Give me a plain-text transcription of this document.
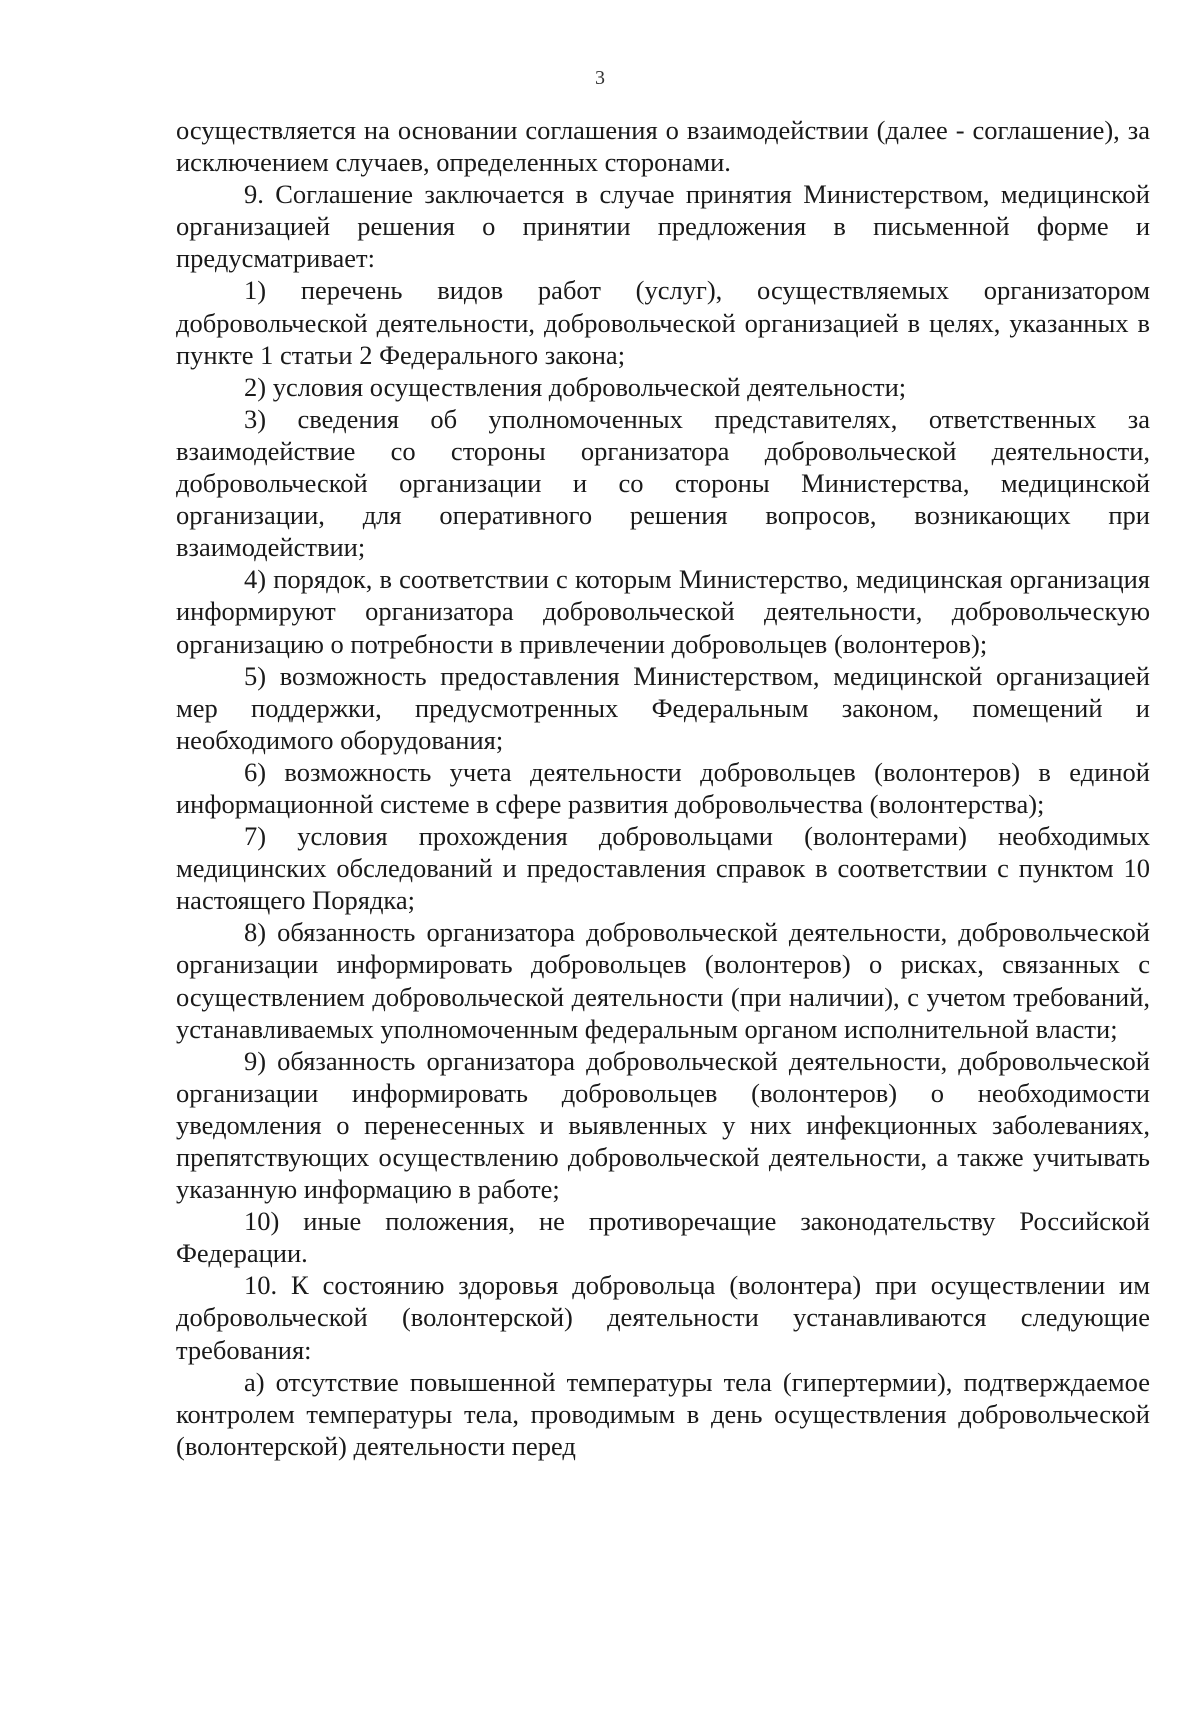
3

осуществляется на основании соглашения о взаимодействии (далее - соглашение), за исключением случаев, определенных сторонами.

9. Соглашение заключается в случае принятия Министерством, медицинской организацией решения о принятии предложения в письменной форме и предусматривает:

1) перечень видов работ (услуг), осуществляемых организатором добровольческой деятельности, добровольческой организацией в целях, указанных в пункте 1 статьи 2 Федерального закона;

2) условия осуществления добровольческой деятельности;

3) сведения об уполномоченных представителях, ответственных за взаимодействие со стороны организатора добровольческой деятельности, добровольческой организации и со стороны Министерства, медицинской организации, для оперативного решения вопросов, возникающих при взаимодействии;

4) порядок, в соответствии с которым Министерство, медицинская организация информируют организатора добровольческой деятельности, добровольческую организацию о потребности в привлечении добровольцев (волонтеров);

5) возможность предоставления Министерством, медицинской организацией мер поддержки, предусмотренных Федеральным законом, помещений и необходимого оборудования;

6) возможность учета деятельности добровольцев (волонтеров) в единой информационной системе в сфере развития добровольчества (волонтерства);

7) условия прохождения добровольцами (волонтерами) необходимых медицинских обследований и предоставления справок в соответствии с пунктом 10 настоящего Порядка;

8) обязанность организатора добровольческой деятельности, добровольческой организации информировать добровольцев (волонтеров) о рисках, связанных с осуществлением добровольческой деятельности (при наличии), с учетом требований, устанавливаемых уполномоченным федеральным органом исполнительной власти;

9) обязанность организатора добровольческой деятельности, добровольческой организации информировать добровольцев (волонтеров) о необходимости уведомления о перенесенных и выявленных у них инфекционных заболеваниях, препятствующих осуществлению добровольческой деятельности, а также учитывать указанную информацию в работе;

10) иные положения, не противоречащие законодательству Российской Федерации.

10. К состоянию здоровья добровольца (волонтера) при осуществлении им добровольческой (волонтерской) деятельности устанавливаются следующие требования:

а) отсутствие повышенной температуры тела (гипертермии), подтверждаемое контролем температуры тела, проводимым в день осуществления добровольческой (волонтерской) деятельности перед
